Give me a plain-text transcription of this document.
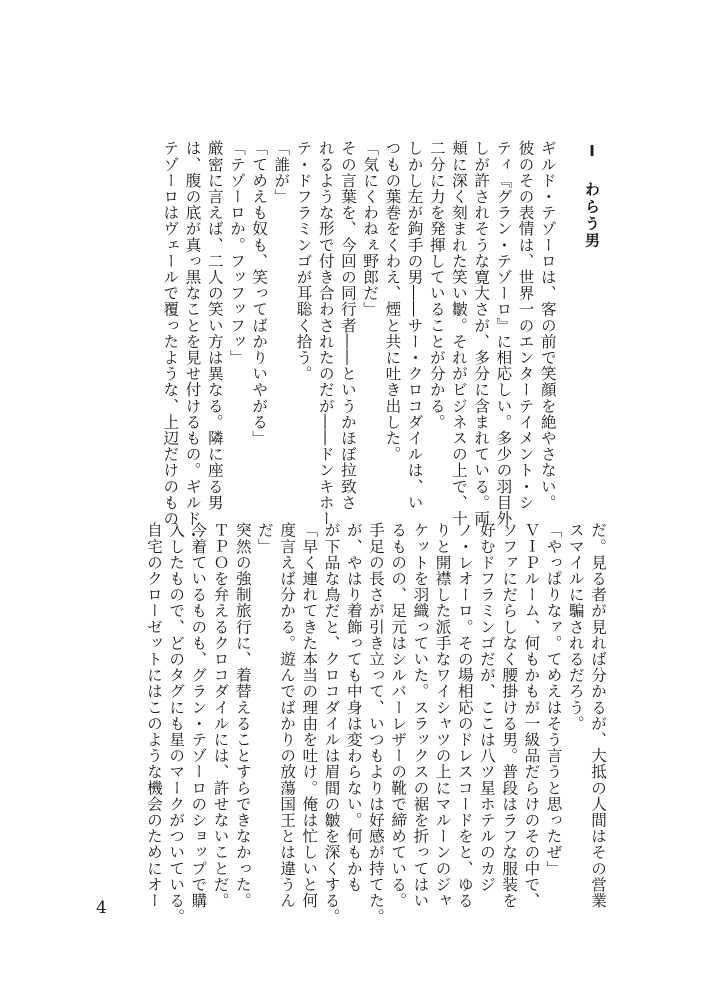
Ⅰ わらう男
ギルド・テゾーロは、客の前で笑顔を絶やさない。
彼のその表情は、世界一のエンターテイメント・シ
ティ『グラン・テゾーロ』に相応しい。多少の羽目外
しが許されそうな寛大さが、多分に含まれている。両
頬に深く刻まれた笑い皺。それがビジネスの上で、十
二分に力を発揮していることが分かる。
しかし左が鉤手の男――サー・クロコダイルは、い
つもの葉巻をくわえ、煙と共に吐き出した。
「気にくわねぇ野郎だ」
その言葉を、今回の同行者――というかほぼ拉致さ
れるような形で付き合わされたのだが――ドンキホー
テ・ドフラミンゴが耳聡く拾う。
「誰が」
「てめえも奴も、笑ってばかりいやがる」
「テゾーロか。フッフッフッ」
厳密に言えば、二人の笑い方は異なる。隣に座る男
は、腹の底が真っ黒なことを見せ付けるもの。ギルド・
テゾーロはヴェールで覆ったような、上辺だけのもの
だ。見る者が見れば分かるが、大抵の人間はその営業
スマイルに騙されるだろう。
「やっぱりなァ。てめえはそう言うと思ったぜ」
ＶＩＰルーム、何もかもが一級品だらけのその中で、
ソファにだらしなく腰掛ける男。普段はラフな服装を
好むドフラミンゴだが、ここは八ツ星ホテルのカジ
ノ・レオーロ。その場相応のドレスコードをと、ゆる
りと開襟した派手なワイシャツの上にマルーンのジャ
ケットを羽織っていた。スラックスの裾を折ってはい
るものの、足元はシルバーレザーの靴で締めている。
手足の長さが引き立って、いつもよりは好感が持てた。
が、やはり着飾っても中身は変わらない。何もかも
が下品な鳥だと、クロコダイルは眉間の皺を深くする。
「早く連れてきた本当の理由を吐け。俺は忙しいと何
度言えば分かる。遊んでばかりの放蕩国王とは違うん
だ」
突然の強制旅行に、着替えることすらできなかった。
ＴＰＯを弁えるクロコダイルには、許せないことだ。
今着ているものも、グラン・テゾーロのショップで購
入したもので、どのタグにも星のマークがついている。
自宅のクローゼットにはこのような機会のためにオー
4
